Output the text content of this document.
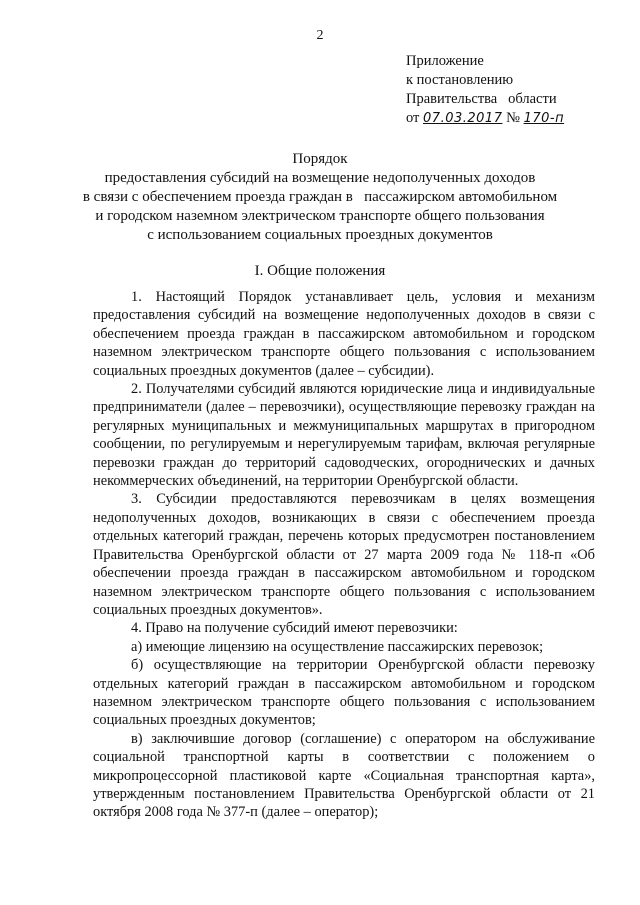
2
Приложение
к постановлению
Правительства   области
от 07.03.2017 № 170-п
Порядок
предоставления субсидий на возмещение недополученных доходов
в связи с обеспечением проезда граждан в   пассажирском автомобильном
и городском наземном электрическом транспорте общего пользования
с использованием социальных проездных документов
I. Общие положения

1. Настоящий Порядок устанавливает цель, условия и механизм предоставления субсидий на возмещение недополученных доходов в связи с обеспечением проезда граждан в пассажирском автомобильном и городском наземном электрическом транспорте общего пользования с использованием социальных проездных документов (далее – субсидии).

2. Получателями субсидий являются юридические лица и индивидуальные предприниматели (далее – перевозчики), осуществляющие перевозку граждан на регулярных муниципальных и межмуниципальных маршрутах в пригородном сообщении, по регулируемым и нерегулируемым тарифам, включая регулярные перевозки граждан до территорий садоводческих, огороднических и дачных некоммерческих объединений, на территории Оренбургской области.

3. Субсидии предоставляются перевозчикам в целях возмещения недополученных доходов, возникающих в связи с обеспечением проезда отдельных категорий граждан, перечень которых предусмотрен постановлением Правительства Оренбургской области от 27 марта 2009 года № 118-п «Об обеспечении проезда граждан в пассажирском автомобильном и городском наземном электрическом транспорте общего пользования с использованием социальных проездных документов».

4. Право на получение субсидий имеют перевозчики:

а) имеющие лицензию на осуществление пассажирских перевозок;

б) осуществляющие на территории Оренбургской области перевозку отдельных категорий граждан в пассажирском автомобильном и городском наземном электрическом транспорте общего пользования с использованием социальных проездных документов;

в) заключившие договор (соглашение) с оператором на обслуживание социальной транспортной карты в соответствии с положением о микропроцессорной пластиковой карте «Социальная транспортная карта», утвержденным постановлением Правительства Оренбургской области от 21 октября 2008 года № 377-п (далее – оператор);
